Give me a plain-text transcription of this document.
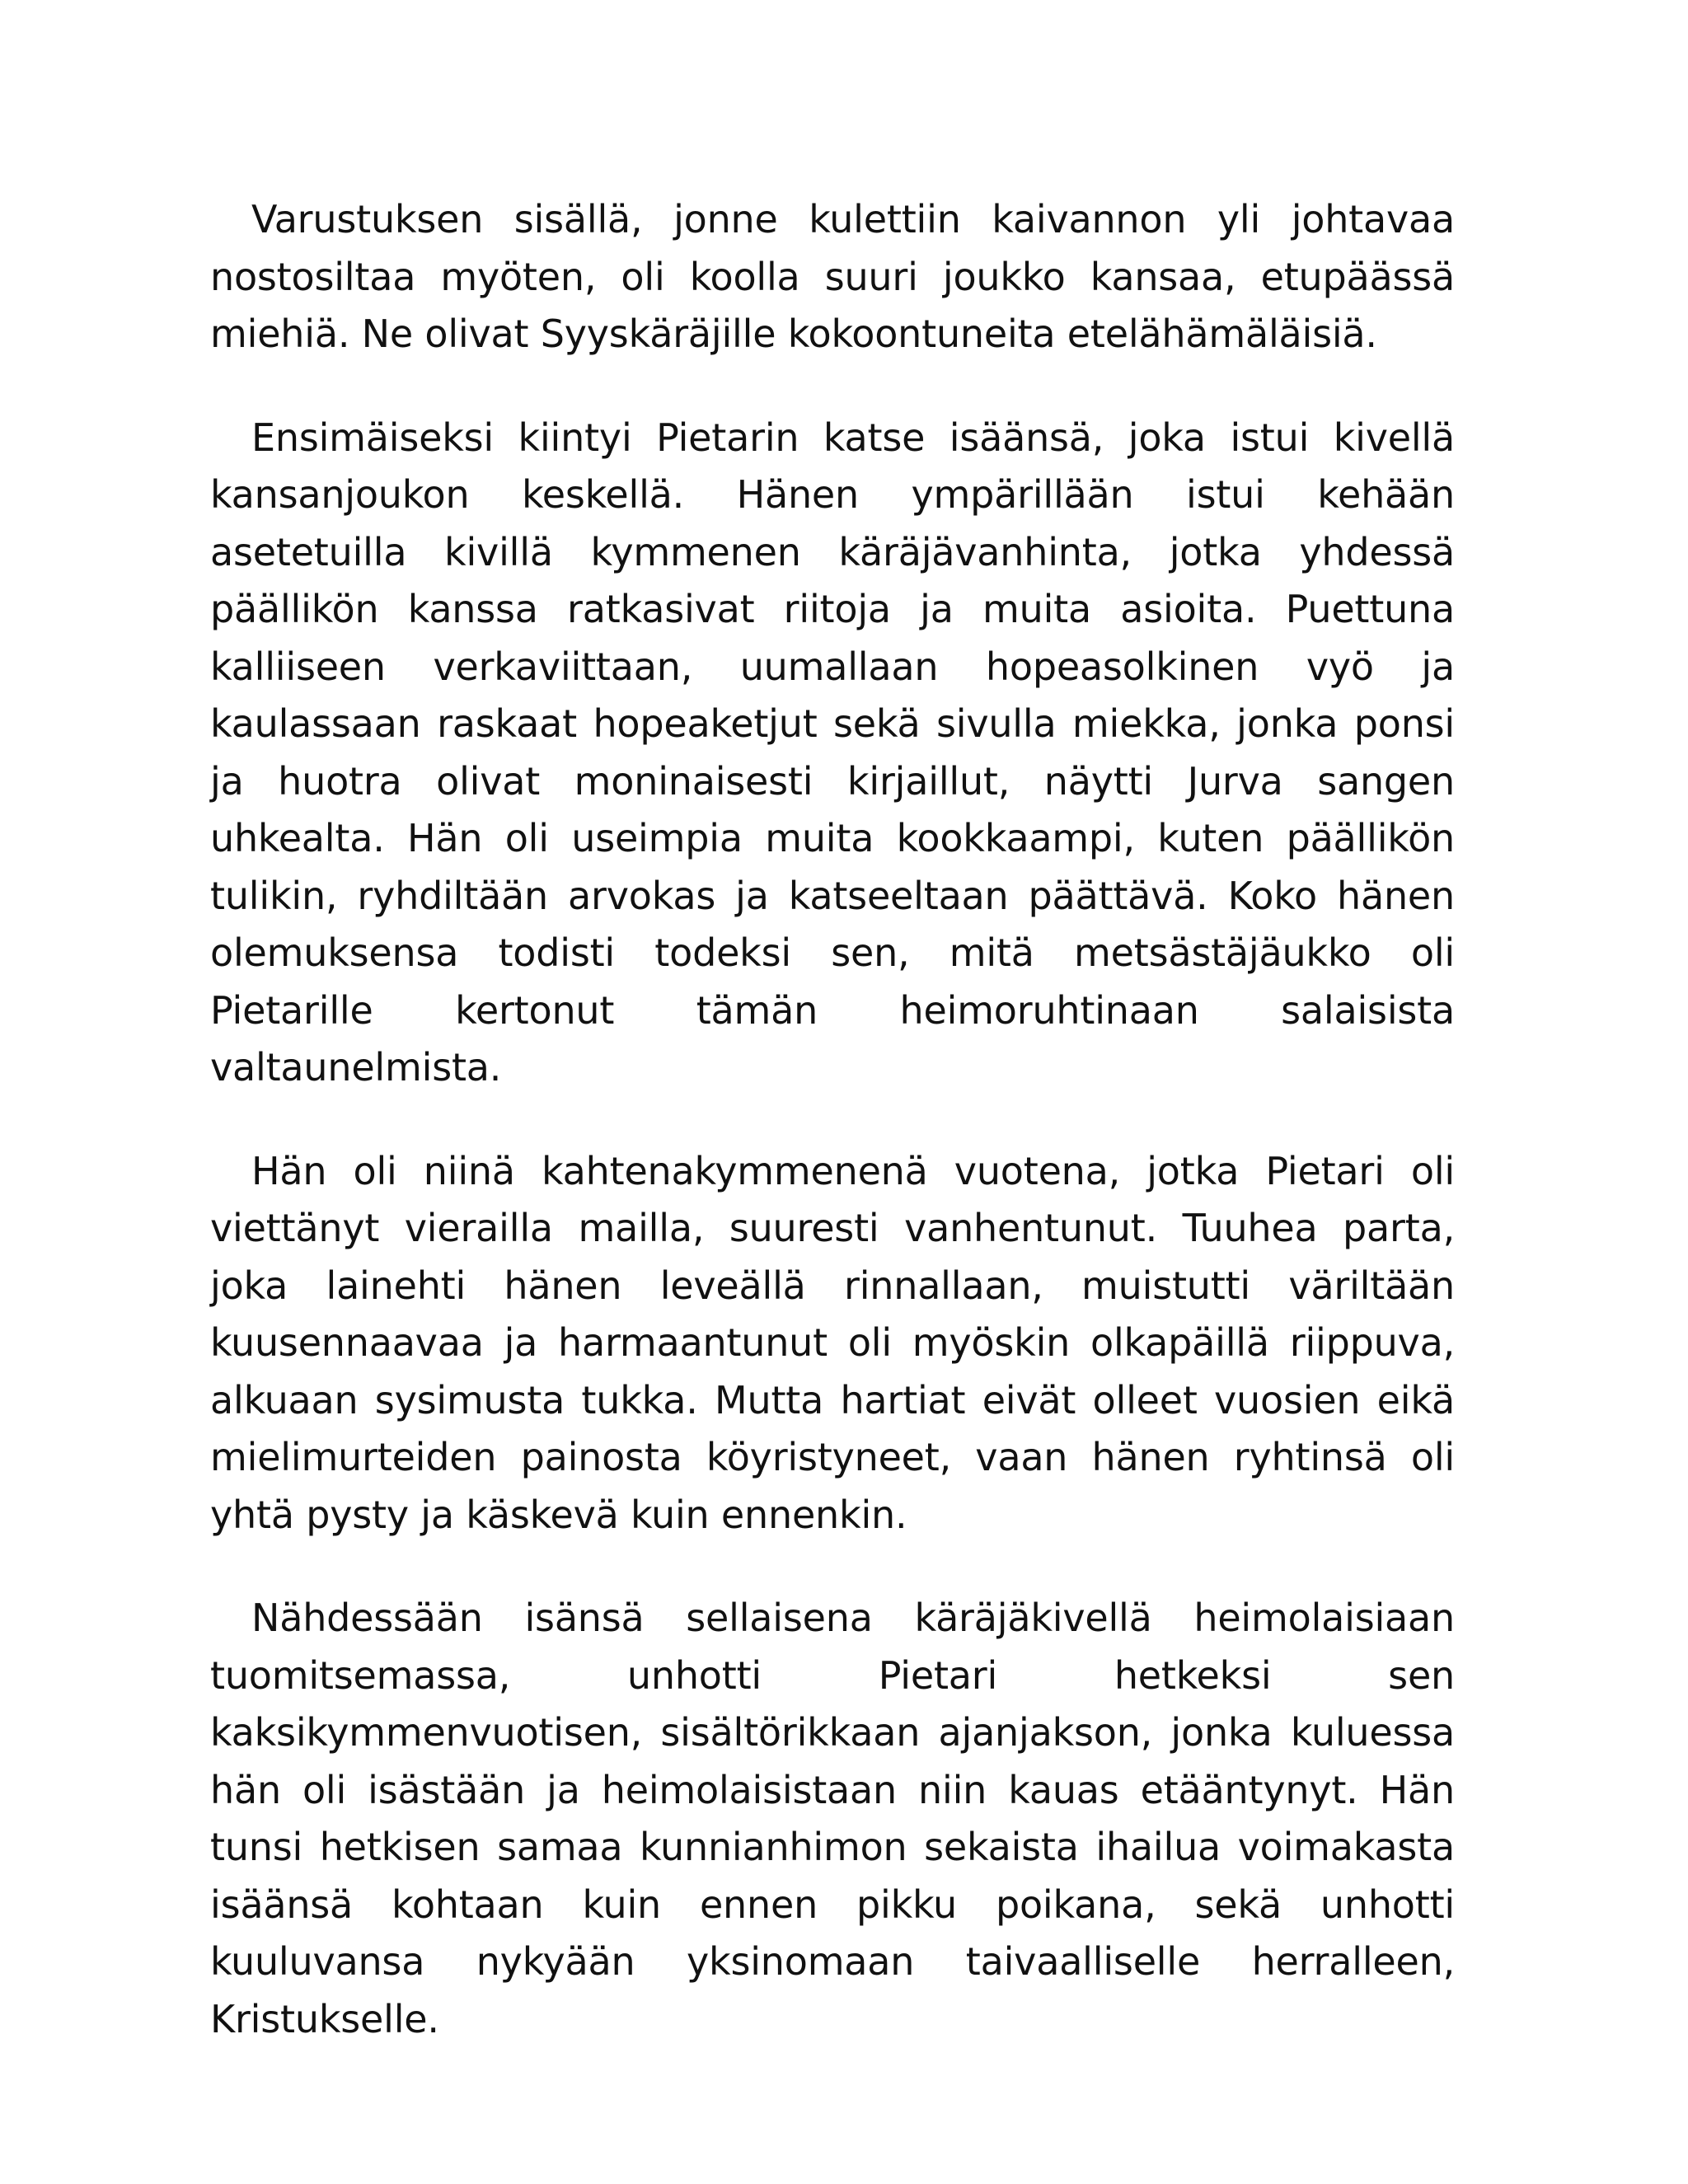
Varustuksen sisällä, jonne kulettiin kaivannon yli johtavaa nostosiltaa myöten, oli koolla suuri joukko kansaa, etupäässä miehiä. Ne olivat Syyskäräjille kokoontuneita etelähämäläisiä.

Ensimäiseksi kiintyi Pietarin katse isäänsä, joka istui kivellä kansanjoukon keskellä. Hänen ympärillään istui kehään asetetuilla kivillä kymmenen käräjävanhinta, jotka yhdessä päällikön kanssa ratkasivat riitoja ja muita asioita. Puettuna kalliiseen verkaviittaan, uumallaan hopeasolkinen vyö ja kaulassaan raskaat hopeaketjut sekä sivulla miekka, jonka ponsi ja huotra olivat moninaisesti kirjaillut, näytti Jurva sangen uhkealta. Hän oli useimpia muita kookkaampi, kuten päällikön tulikin, ryhdiltään arvokas ja katseeltaan päättävä. Koko hänen olemuksensa todisti todeksi sen, mitä metsästäjäukko oli Pietarille kertonut tämän heimoruhtinaan salaisista valtaunelmista.

Hän oli niinä kahtenakymmenenä vuotena, jotka Pietari oli viettänyt vierailla mailla, suuresti vanhentunut. Tuuhea parta, joka lainehti hänen leveällä rinnallaan, muistutti väriltään kuusennaavaa ja harmaantunut oli myöskin olkapäillä riippuva, alkuaan sysimusta tukka. Mutta hartiat eivät olleet vuosien eikä mielimurteiden painosta köyristyneet, vaan hänen ryhtinsä oli yhtä pysty ja käskevä kuin ennenkin.

Nähdessään isänsä sellaisena käräjäkivellä heimolaisiaan tuomitsemassa, unhotti Pietari hetkeksi sen kaksikymmenvuotisen, sisältörikkaan ajanjakson, jonka kuluessa hän oli isästään ja heimolaisistaan niin kauas etääntynyt. Hän tunsi hetkisen samaa kunnianhimon sekaista ihailua voimakasta isäänsä kohtaan kuin ennen pikku poikana, sekä unhotti kuuluvansa nykyään yksinomaan taivaalliselle herralleen, Kristukselle.
